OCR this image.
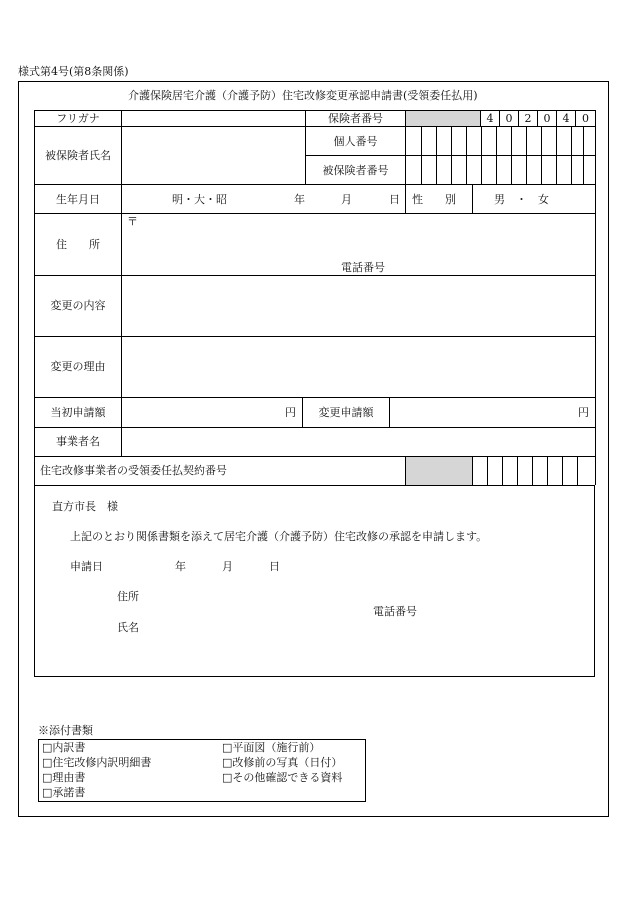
様式第4号(第8条関係)
介護保険居宅介護（介護予防）住宅改修変更承認申請書(受領委任払用)
フリガナ	保険者番号	4	0	2	0	4	0
被保険者氏名
個人番号
被保険者番号
生年月日	明・大・昭	年	月	日 性　　別	男　・　女
住　　所
〒
電話番号
変更の内容
変更の理由
当初申請額	円	変更申請額	円
事業者名
住宅改修事業者の受領委任払契約番号
直方市長　様
上記のとおり関係書類を添えて居宅介護（介護予防）住宅改修の承認を申請します。
申請日	年	月	日
住所
電話番号
氏名
※添付書類
□内訳書
□住宅改修内訳明細書
□理由書
□承諾書
□平面図（施行前）
□改修前の写真（日付）
□その他確認できる資料
